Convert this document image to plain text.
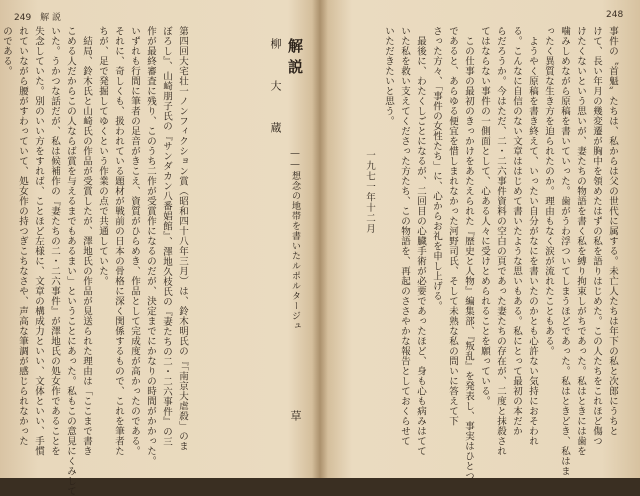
249　解 説	248
第四回大宅壮一ノンフィクション賞（昭和四十八年三月）は、鈴木明氏の『「南京大虐殺」のま
ぼろし』、山崎朋子氏の『サンダカン八番娼館』、澤地久枝氏の『妻たちの二・二六事件』の三
作が最終審査に残り、このうち二作が受賞作になるのだが、決定までにかなりの時間がかかった。
いずれも行間に筆者の足音がきこえ、資質がひらめき、作品として完成度が高かったのである。
それに、奇しくも、扱われている題材が戦前の日本の骨格に深く関係するもので、これを筆者た
ちが、足で発掘してゆくという作業の点で共通していた。
　結局、鈴木氏と山崎氏の作品が受賞したが、澤地氏の作品が見送られた理由は「ここまで書き
こめる人だからこの人ならば賞を与えるまでもあるまい」ということにあった。私もこの意見にくみして
いた。うかつな話だが、私は候補作の『妻たちの二・二六事件』が澤地氏の処女作であることを
失念していた。別のいい方をすれば、ことほど左様に、文章の構成力といい、文体といい、手慣
れていながら腰がすわっていて、処女作の持つぎこちなさや、声高な筆調が感じられなかった
のである。	解説 ――想念の地帯を書いたルポルタージュ 草 柳 大 蔵	事件の〝首魁〟たちは、私からは父の世代に属する。未亡人たちは年下の私と次郎にうちと
けて、長い年月の幾変遷が胸中を領めたはずの私を語りはじめた。この人たちをこれほど傷つ
けたくないという思いが、妻たちの物語を書く私を縛り拘束しがちであった。私はときには歯を
噛みしめながら原稿を書いていった。歯がうわ浮ついてしまうほどであった。私はときどき、私はま
ったく異質な生き方を迫られたのか。理由もなく涙が流れたこともある。
　ようやく原稿を書き終えて、いったい自分がなにを書いたのかとも心許ない気持におそわれ
る。こんなに自信のない文章ははじめて書いたような思いもある。私にとって最初の本だか
らだろうか。今はただ、二・二六事件資料の空白の頁であった妻たちの存在が、二度と抹殺され
てはならない事件の一側面として、心ある人々に受けとめられることを願っている。
　この仕事の最初のきっかけをあたえられた『歴史と人物』編集部、『叛乱』を発表し、事実はひとつ
であると、あらゆる便宜を惜しまれなかった河野司氏、そして未熟な私の問いに答えて下
さった方々、「事件の女性たち」に、心からお礼を申し上げる。
　最後に、わたくしごとになるが、二回目の心臓手術が必要であったほど、身も心も病みはてて
いた私を救い支えてくださった方たち、この物語を、再起のささやかな報告としておくらせて
いただきたいと思う。
一九七一年十二月
